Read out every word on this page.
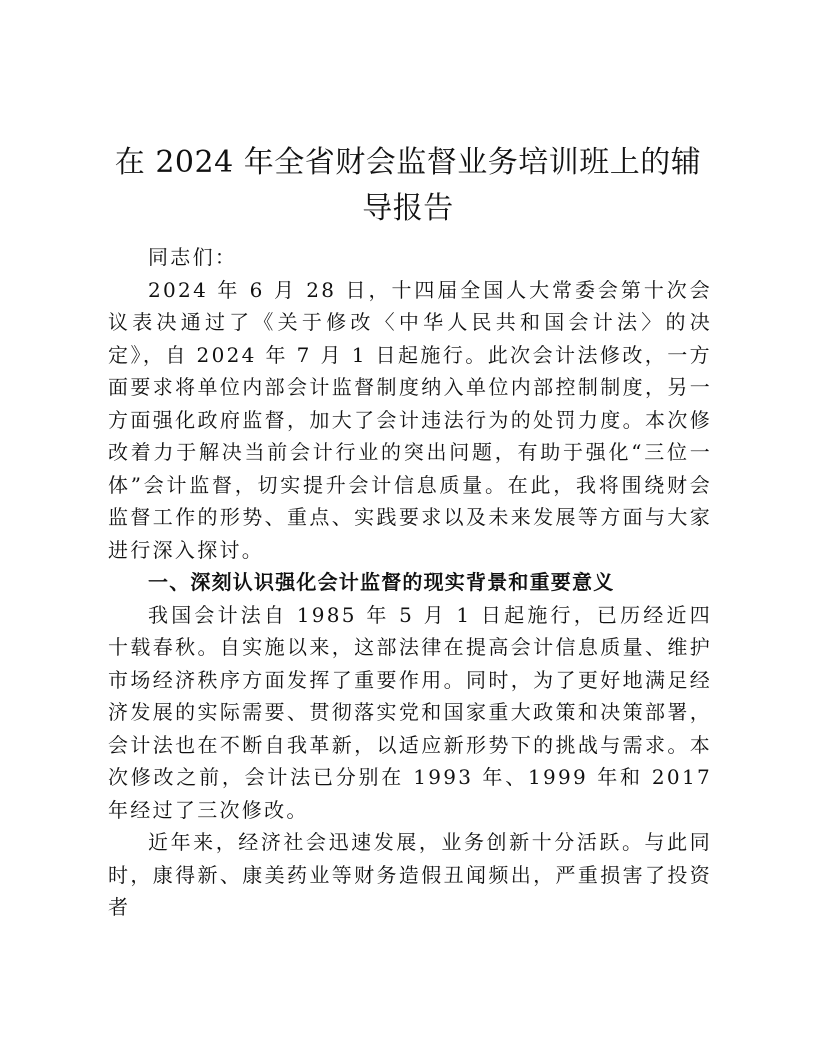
在 2024 年全省财会监督业务培训班上的辅导报告

同志们：

2024 年 6 月 28 日，十四届全国人大常委会第十次会议表决通过了《关于修改〈中华人民共和国会计法〉的决定》，自 2024 年 7 月 1 日起施行。此次会计法修改，一方面要求将单位内部会计监督制度纳入单位内部控制制度，另一方面强化政府监督，加大了会计违法行为的处罚力度。本次修改着力于解决当前会计行业的突出问题，有助于强化“三位一体”会计监督，切实提升会计信息质量。在此，我将围绕财会监督工作的形势、重点、实践要求以及未来发展等方面与大家进行深入探讨。

一、深刻认识强化会计监督的现实背景和重要意义

我国会计法自 1985 年 5 月 1 日起施行，已历经近四十载春秋。自实施以来，这部法律在提高会计信息质量、维护市场经济秩序方面发挥了重要作用。同时，为了更好地满足经济发展的实际需要、贯彻落实党和国家重大政策和决策部署，会计法也在不断自我革新，以适应新形势下的挑战与需求。本次修改之前，会计法已分别在 1993 年、1999 年和 2017 年经过了三次修改。

近年来，经济社会迅速发展，业务创新十分活跃。与此同时，康得新、康美药业等财务造假丑闻频出，严重损害了投资者
